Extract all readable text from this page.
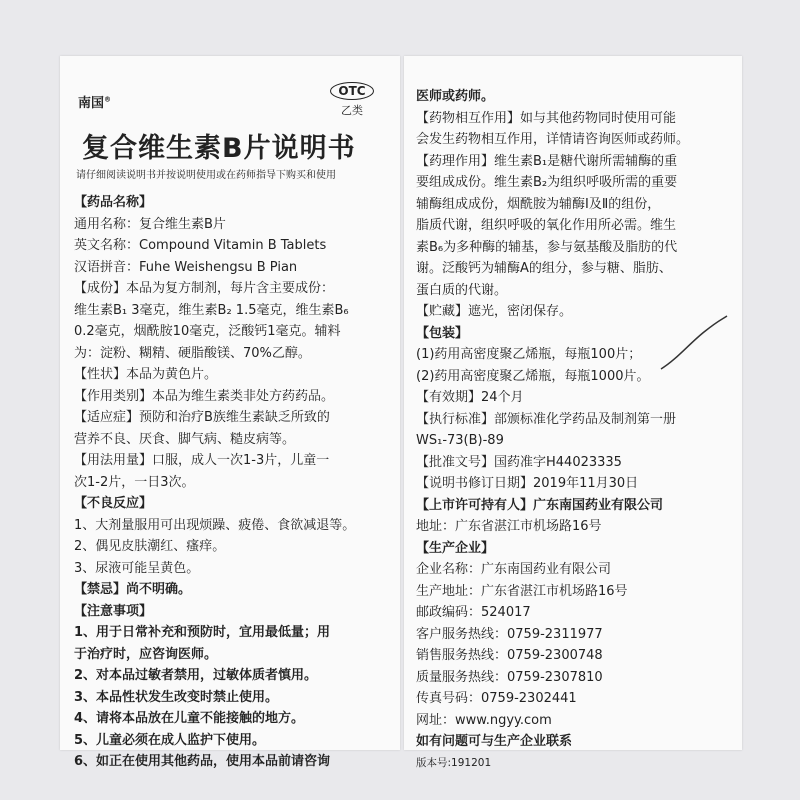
南国®
OTC
乙类
复合维生素B片说明书
请仔细阅读说明书并按说明使用或在药师指导下购买和使用
【药品名称】
通用名称：复合维生素B片
英文名称：Compound Vitamin B Tablets
汉语拼音：Fuhe Weishengsu B Pian
【成份】本品为复方制剂，每片含主要成份：
维生素B₁ 3毫克，维生素B₂ 1.5毫克，维生素B₆
0.2毫克，烟酰胺10毫克，泛酸钙1毫克。辅料
为：淀粉、糊精、硬脂酸镁、70%乙醇。
【性状】本品为黄色片。
【作用类别】本品为维生素类非处方药药品。
【适应症】预防和治疗B族维生素缺乏所致的
营养不良、厌食、脚气病、糙皮病等。
【用法用量】口服，成人一次1-3片，儿童一
次1-2片，一日3次。
【不良反应】
1、大剂量服用可出现烦躁、疲倦、食欲减退等。
2、偶见皮肤潮红、瘙痒。
3、尿液可能呈黄色。
【禁忌】尚不明确。
【注意事项】
1、用于日常补充和预防时，宜用最低量；用
于治疗时，应咨询医师。
2、对本品过敏者禁用，过敏体质者慎用。
3、本品性状发生改变时禁止使用。
4、请将本品放在儿童不能接触的地方。
5、儿童必须在成人监护下使用。
6、如正在使用其他药品，使用本品前请咨询
医师或药师。
【药物相互作用】如与其他药物同时使用可能
会发生药物相互作用，详情请咨询医师或药师。
【药理作用】维生素B₁是糖代谢所需辅酶的重
要组成成份。维生素B₂为组织呼吸所需的重要
辅酶组成成份，烟酰胺为辅酶Ⅰ及Ⅱ的组份，
脂质代谢，组织呼吸的氧化作用所必需。维生
素B₆为多种酶的辅基，参与氨基酸及脂肪的代
谢。泛酸钙为辅酶A的组分，参与糖、脂肪、
蛋白质的代谢。
【贮藏】遮光，密闭保存。
【包装】
(1)药用高密度聚乙烯瓶，每瓶100片；
(2)药用高密度聚乙烯瓶，每瓶1000片。
【有效期】24个月
【执行标准】部颁标准化学药品及制剂第一册
WS₁-73(B)-89
【批准文号】国药准字H44023335
【说明书修订日期】2019年11月30日
【上市许可持有人】广东南国药业有限公司
地址：广东省湛江市机场路16号
【生产企业】
企业名称：广东南国药业有限公司
生产地址：广东省湛江市机场路16号
邮政编码：524017
客户服务热线：0759-2311977
销售服务热线：0759-2300748
质量服务热线：0759-2307810
传真号码：0759-2302441
网址：www.ngyy.com
如有问题可与生产企业联系
版本号:191201
